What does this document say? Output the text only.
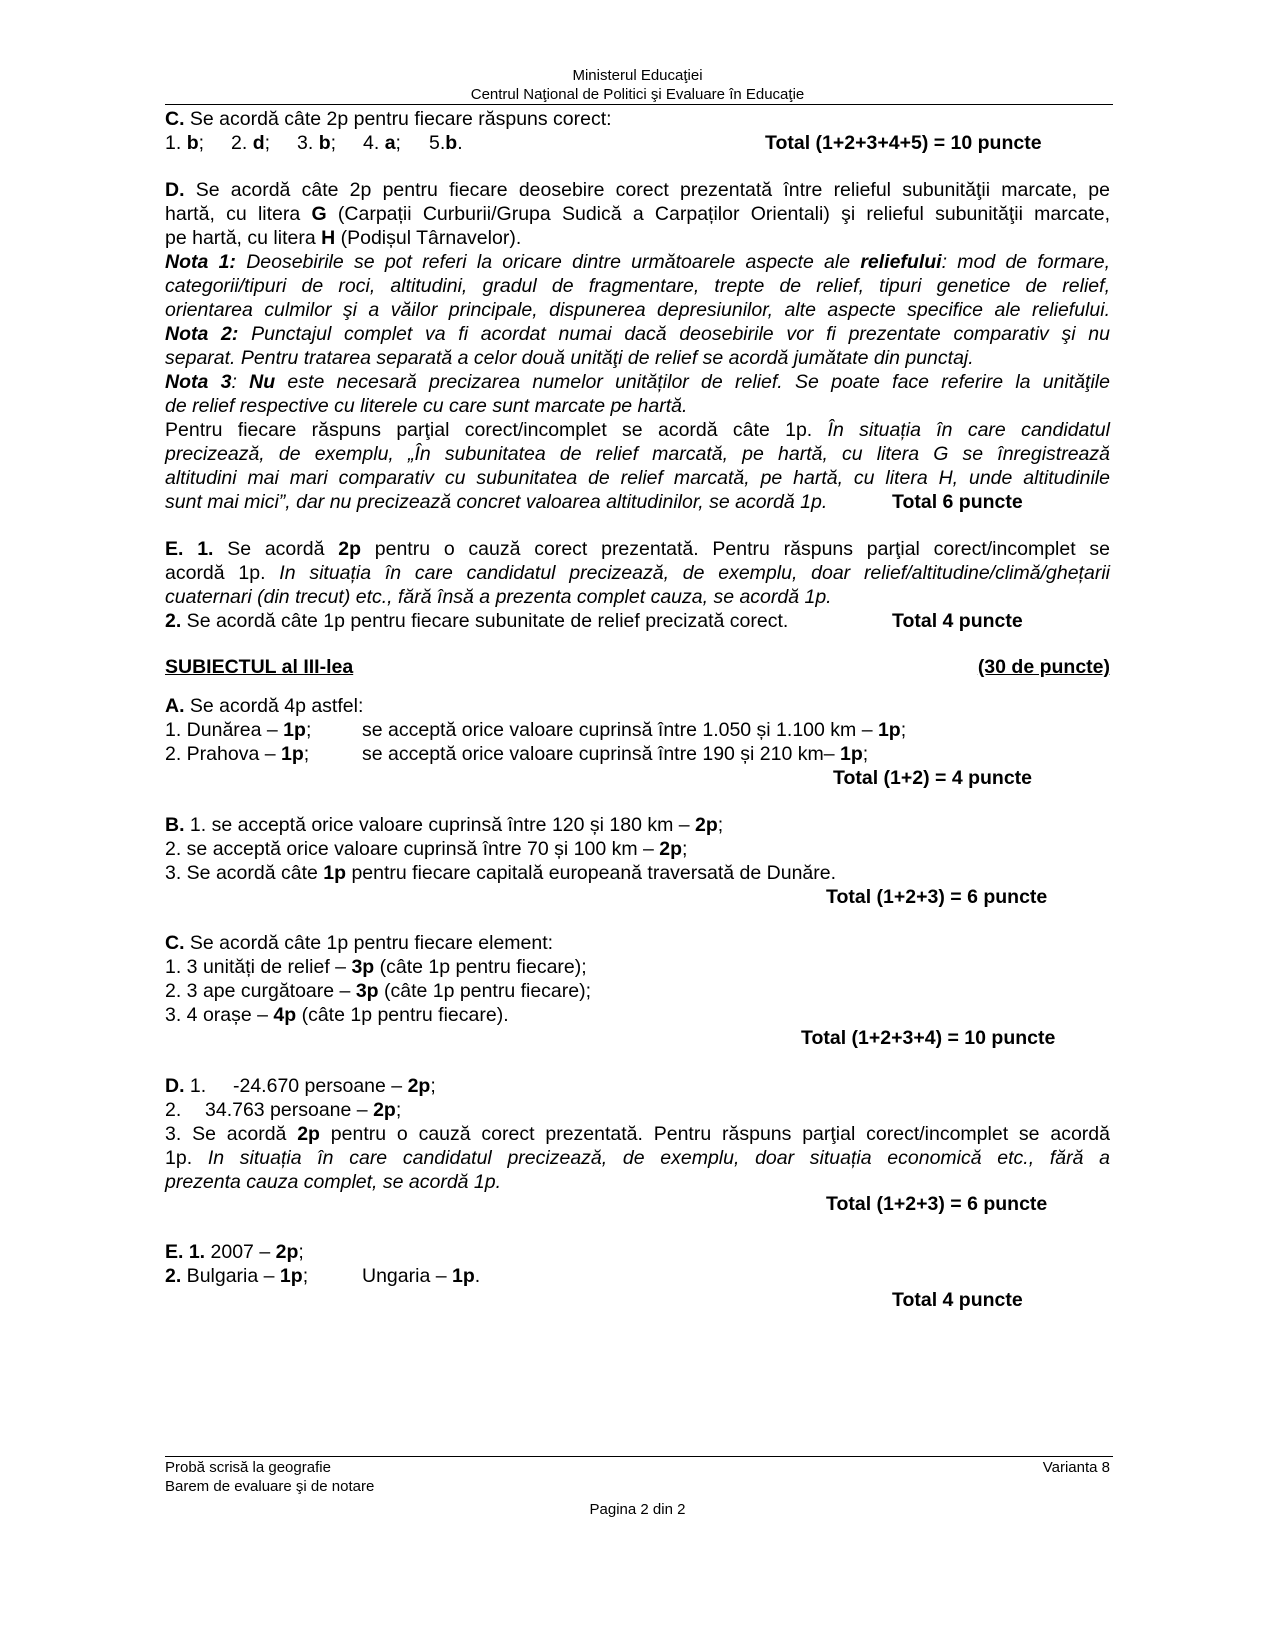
Ministerul Educaţiei
Centrul Naţional de Politici şi Evaluare în Educaţie
C. Se acordă câte 2p pentru fiecare răspuns corect:
1. b; 2. d; 3. b; 4. a; 5.b.	Total (1+2+3+4+5) = 10 puncte
D. Se acordă câte 2p pentru fiecare deosebire corect prezentată între relieful subunităţii marcate, pe
hartă, cu litera G (Carpații Curburii/Grupa Sudică a Carpaților Orientali) şi relieful subunităţii marcate,
pe hartă, cu litera H (Podișul Târnavelor).
Nota 1: Deosebirile se pot referi la oricare dintre următoarele aspecte ale reliefului: mod de formare,
categorii/tipuri de roci, altitudini, gradul de fragmentare, trepte de relief, tipuri genetice de relief,
orientarea culmilor şi a văilor principale, dispunerea depresiunilor, alte aspecte specifice ale reliefului.
Nota 2: Punctajul complet va fi acordat numai dacă deosebirile vor fi prezentate comparativ şi nu
separat. Pentru tratarea separată a celor două unităţi de relief se acordă jumătate din punctaj.
Nota 3: Nu este necesară precizarea numelor unităților de relief. Se poate face referire la unităţile
de relief respective cu literele cu care sunt marcate pe hartă.
Pentru fiecare răspuns parţial corect/incomplet se acordă câte 1p. În situația în care candidatul
precizează, de exemplu, „În subunitatea de relief marcată, pe hartă, cu litera G se înregistrează
altitudini mai mari comparativ cu subunitatea de relief marcată, pe hartă, cu litera H, unde altitudinile
sunt mai mici”, dar nu precizează concret valoarea altitudinilor, se acordă 1p.	Total 6 puncte
E. 1. Se acordă 2p pentru o cauză corect prezentată. Pentru răspuns parţial corect/incomplet se
acordă 1p. In situația în care candidatul precizează, de exemplu, doar relief/altitudine/climă/ghețarii
cuaternari (din trecut) etc., fără însă a prezenta complet cauza, se acordă 1p.
2. Se acordă câte 1p pentru fiecare subunitate de relief precizată corect.	Total 4 puncte
SUBIECTUL al III-lea	(30 de puncte)
A. Se acordă 4p astfel:
1. Dunărea – 1p;	se acceptă orice valoare cuprinsă între 1.050 și 1.100 km – 1p;
2. Prahova – 1p;	se acceptă orice valoare cuprinsă între 190 și 210 km– 1p;
Total (1+2) = 4 puncte
B. 1. se acceptă orice valoare cuprinsă între 120 și 180 km – 2p;
2. se acceptă orice valoare cuprinsă între 70 și 100 km – 2p;
3. Se acordă câte 1p pentru fiecare capitală europeană traversată de Dunăre.
Total (1+2+3) = 6 puncte
C. Se acordă câte 1p pentru fiecare element:
1. 3 unități de relief – 3p (câte 1p pentru fiecare);
2. 3 ape curgătoare – 3p (câte 1p pentru fiecare);
3. 4 orașe – 4p (câte 1p pentru fiecare).
Total (1+2+3+4) = 10 puncte
D. 1. -24.670 persoane – 2p;
2. 34.763 persoane – 2p;
3. Se acordă 2p pentru o cauză corect prezentată. Pentru răspuns parţial corect/incomplet se acordă
1p. In situația în care candidatul precizează, de exemplu, doar situația economică etc., fără a
prezenta cauza complet, se acordă 1p.
Total (1+2+3) = 6 puncte
E. 1. 2007 – 2p;
2. Bulgaria – 1p;	Ungaria – 1p.
Total 4 puncte
Probă scrisă la geografie
Barem de evaluare şi de notare
Varianta 8
Pagina 2 din 2
